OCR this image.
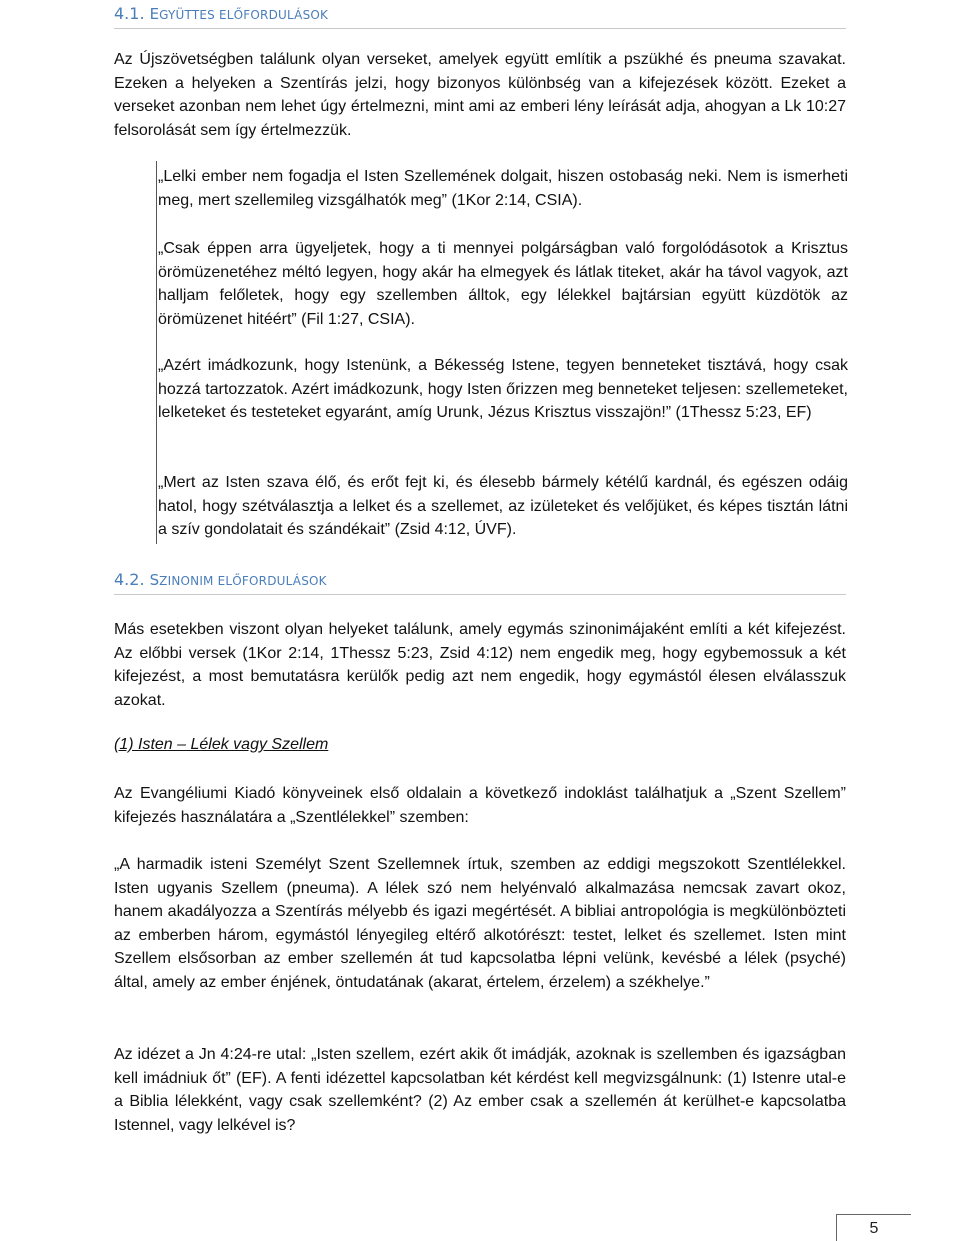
4.1. EGYÜTTES ELŐFORDULÁSOK

Az Újszövetségben találunk olyan verseket, amelyek együtt említik a pszükhé és pneuma szavakat. Ezeken a helyeken a Szentírás jelzi, hogy bizonyos különbség van a kifejezések között. Ezeket a verseket azonban nem lehet úgy értelmezni, mint ami az emberi lény leírását adja, ahogyan a Lk 10:27 felsorolását sem így értelmezzük.

„Lelki ember nem fogadja el Isten Szellemének dolgait, hiszen ostobaság neki. Nem is ismerheti meg, mert szellemileg vizsgálhatók meg” (1Kor 2:14, CSIA).

„Csak éppen arra ügyeljetek, hogy a ti mennyei polgárságban való forgolódásotok a Krisztus örömüzenetéhez méltó legyen, hogy akár ha elmegyek és látlak titeket, akár ha távol vagyok, azt halljam felőletek, hogy egy szellemben álltok, egy lélekkel bajtársian együtt küzdötök az örömüzenet hitéért” (Fil 1:27, CSIA).

„Azért imádkozunk, hogy Istenünk, a Békesség Istene, tegyen benneteket tisztává, hogy csak hozzá tartozzatok. Azért imádkozunk, hogy Isten őrizzen meg benneteket teljesen: szellemeteket, lelketeket és testeteket egyaránt, amíg Urunk, Jézus Krisztus visszajön!” (1Thessz 5:23, EF)

„Mert az Isten szava élő, és erőt fejt ki, és élesebb bármely kétélű kardnál, és egészen odáig hatol, hogy szétválasztja a lelket és a szellemet, az izületeket és velőjüket, és képes tisztán látni a szív gondolatait és szándékait” (Zsid 4:12, ÚVF).

4.2. SZINONIM ELŐFORDULÁSOK

Más esetekben viszont olyan helyeket találunk, amely egymás szinonimájaként említi a két kifejezést. Az előbbi versek (1Kor 2:14, 1Thessz 5:23, Zsid 4:12) nem engedik meg, hogy egybemossuk a két kifejezést, a most bemutatásra kerülők pedig azt nem engedik, hogy egymástól élesen elválasszuk azokat.

(1) Isten – Lélek vagy Szellem

Az Evangéliumi Kiadó könyveinek első oldalain a következő indoklást találhatjuk a „Szent Szellem” kifejezés használatára a „Szentlélekkel” szemben:

„A harmadik isteni Személyt Szent Szellemnek írtuk, szemben az eddigi megszokott Szentlélekkel. Isten ugyanis Szellem (pneuma). A lélek szó nem helyénvaló alkalmazása nemcsak zavart okoz, hanem akadályozza a Szentírás mélyebb és igazi megértését. A bibliai antropológia is megkülönbözteti az emberben három, egymástól lényegileg eltérő alkotórészt: testet, lelket és szellemet. Isten mint Szellem elsősorban az ember szellemén át tud kapcsolatba lépni velünk, kevésbé a lélek (psyché) által, amely az ember énjének, öntudatának (akarat, értelem, érzelem) a székhelye.”

Az idézet a Jn 4:24-re utal: „Isten szellem, ezért akik őt imádják, azoknak is szellemben és igazságban kell imádniuk őt” (EF). A fenti idézettel kapcsolatban két kérdést kell megvizsgálnunk: (1) Istenre utal-e a Biblia lélekként, vagy csak szellemként? (2) Az ember csak a szellemén át kerülhet-e kapcsolatba Istennel, vagy lelkével is?

5
